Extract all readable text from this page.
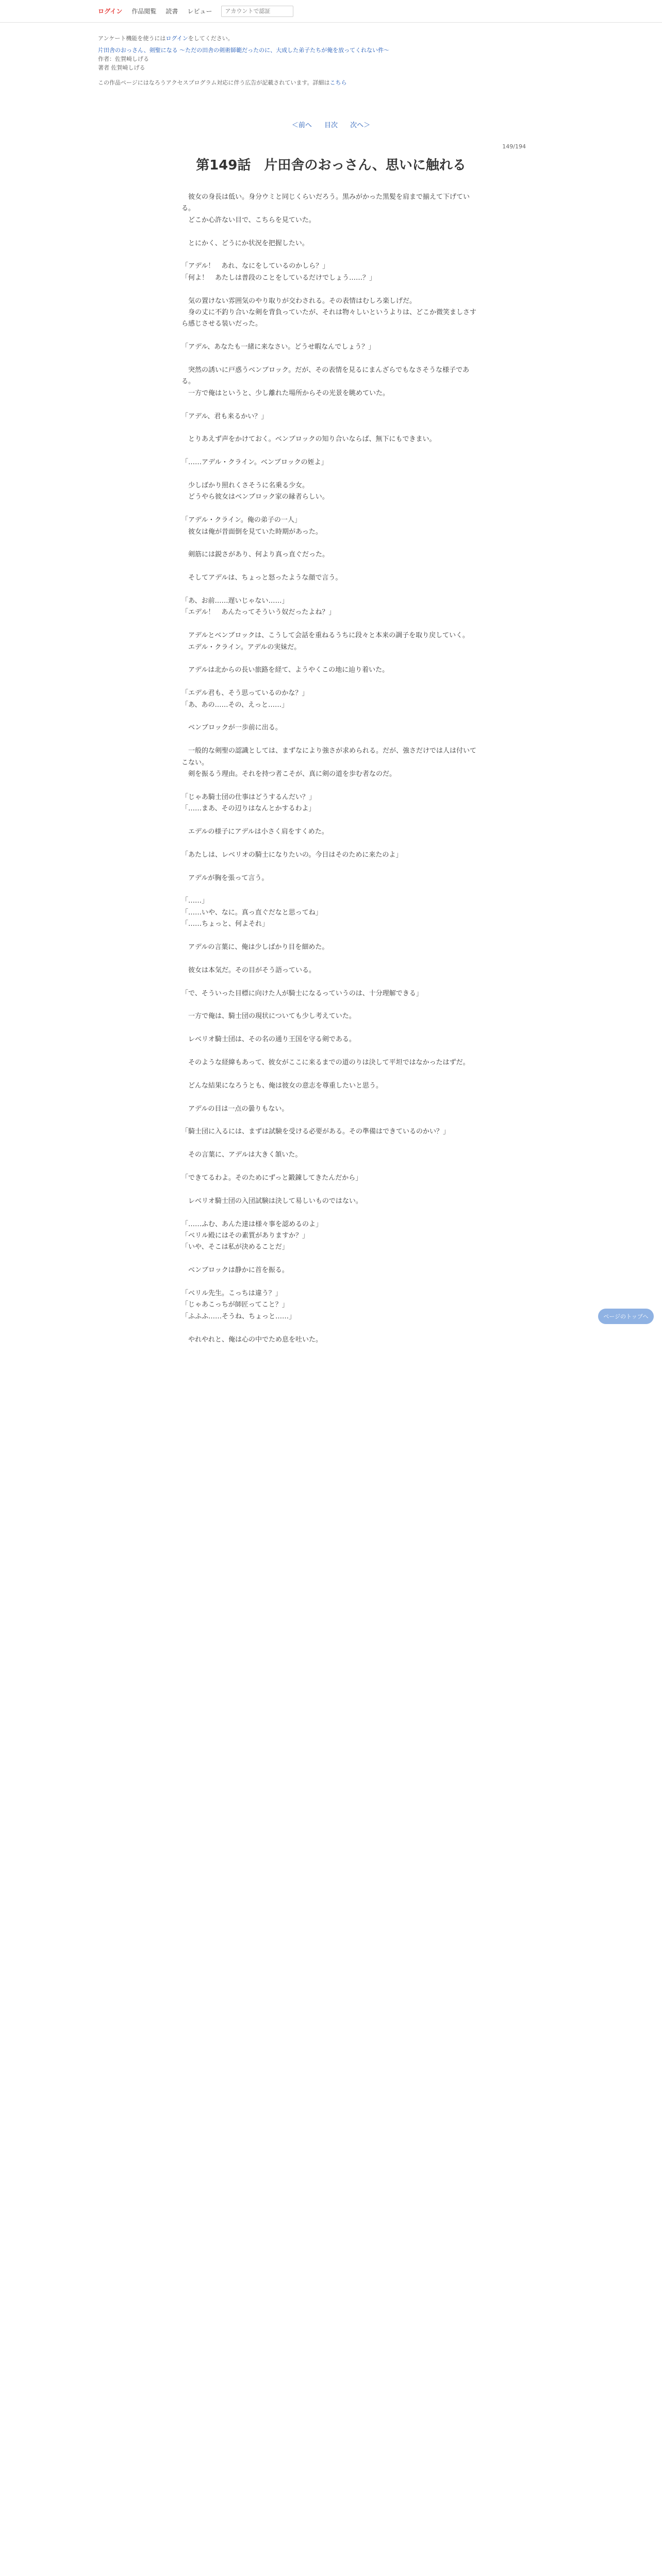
ログイン 作品閲覧 読書 レビュー
アカウントで認証
アンケート機能を使うにはログインをしてください。
片田舎のおっさん、剣聖になる ～ただの田舎の剣術師範だったのに、大成した弟子たちが俺を放ってくれない件～
作者：佐賀崎しげる
著者 佐賀崎しげる
この作品ページにはなろうアクセスプログラム対応に伴う広告が記載されています。詳細はこちら
＜前へ 目次 次へ＞
149/194
第149話　片田舎のおっさん、思いに触れる

　彼女の身長は低い。身分ウミと同じくらいだろう。黒みがかった黒髪を肩まで揃えて下げている。

　どこか心許ない目で、こちらを見ていた。

　とにかく、どうにか状況を把握したい。

「アデル！　あれ、なにをしているのかしら？」

「何よ！　あたしは普段のことをしているだけでしょう……？」

　気の置けない雰囲気のやり取りが交わされる。その表情はむしろ楽しげだ。

　身の丈に不釣り合いな剣を背負っていたが、それは物々しいというよりは、どこか微笑ましさすら感じさせる装いだった。

「アデル、あなたも一緒に来なさい。どうせ暇なんでしょう？」

　突然の誘いに戸惑うベンブロック。だが、その表情を見るにまんざらでもなさそうな様子である。

　一方で俺はというと、少し離れた場所からその光景を眺めていた。

「アデル、君も来るかい？」

　とりあえず声をかけておく。ベンブロックの知り合いならば、無下にもできまい。

「……アデル・クライン。ベンブロックの姪よ」

　少しばかり照れくさそうに名乗る少女。

　どうやら彼女はベンブロック家の縁者らしい。

「アデル・クライン。俺の弟子の一人」

　彼女は俺が昔面倒を見ていた時期があった。

　剣筋には鋭さがあり、何より真っ直ぐだった。

　そしてアデルは、ちょっと怒ったような顔で言う。

「あ、お前……遅いじゃない……」

「エデル！　あんたってそういう奴だったよね？」

　アデルとベンブロックは、こうして会話を重ねるうちに段々と本来の調子を取り戻していく。

　エデル・クライン。アデルの実妹だ。

　アデルは北からの長い旅路を経て、ようやくこの地に辿り着いた。

「エデル君も、そう思っているのかな？」

「あ、あの……その、えっと……」

　ベンブロックが一歩前に出る。

　一般的な剣聖の認識としては、まずなにより強さが求められる。だが、強さだけでは人は付いてこない。

　剣を振るう理由。それを持つ者こそが、真に剣の道を歩む者なのだ。

「じゃあ騎士団の仕事はどうするんだい？」

「……まあ、その辺りはなんとかするわよ」

　エデルの様子にアデルは小さく肩をすくめた。

「あたしは、レベリオの騎士になりたいの。今日はそのために来たのよ」

　アデルが胸を張って言う。

「……」

「……いや、なに。真っ直ぐだなと思ってね」

「……ちょっと、何よそれ」

　アデルの言葉に、俺は少しばかり目を細めた。

　彼女は本気だ。その目がそう語っている。

「で、そういった目標に向けた人が騎士になるっていうのは、十分理解できる」

　一方で俺は、騎士団の現状についても少し考えていた。

　レベリオ騎士団は、その名の通り王国を守る剣である。

　そのような経緯もあって、彼女がここに来るまでの道のりは決して平坦ではなかったはずだ。

　どんな結果になろうとも、俺は彼女の意志を尊重したいと思う。

　アデルの目は一点の曇りもない。

「騎士団に入るには、まずは試験を受ける必要がある。その準備はできているのかい？」

　その言葉に、アデルは大きく頷いた。

「できてるわよ。そのためにずっと鍛錬してきたんだから」

　レベリオ騎士団の入団試験は決して易しいものではない。

「……ふむ、あんた達は様々事を認めるのよ」

「ベリル殿にはその素質がありますか？」

「いや、そこは私が決めることだ」

　ベンブロックは静かに首を振る。

「ベリル先生。こっちは違う？」

「じゃあこっちが師匠ってこと？」

「ふふふ……そうね、ちょっと……」

　やれやれと、俺は心の中でため息を吐いた。

ページのトップへ
